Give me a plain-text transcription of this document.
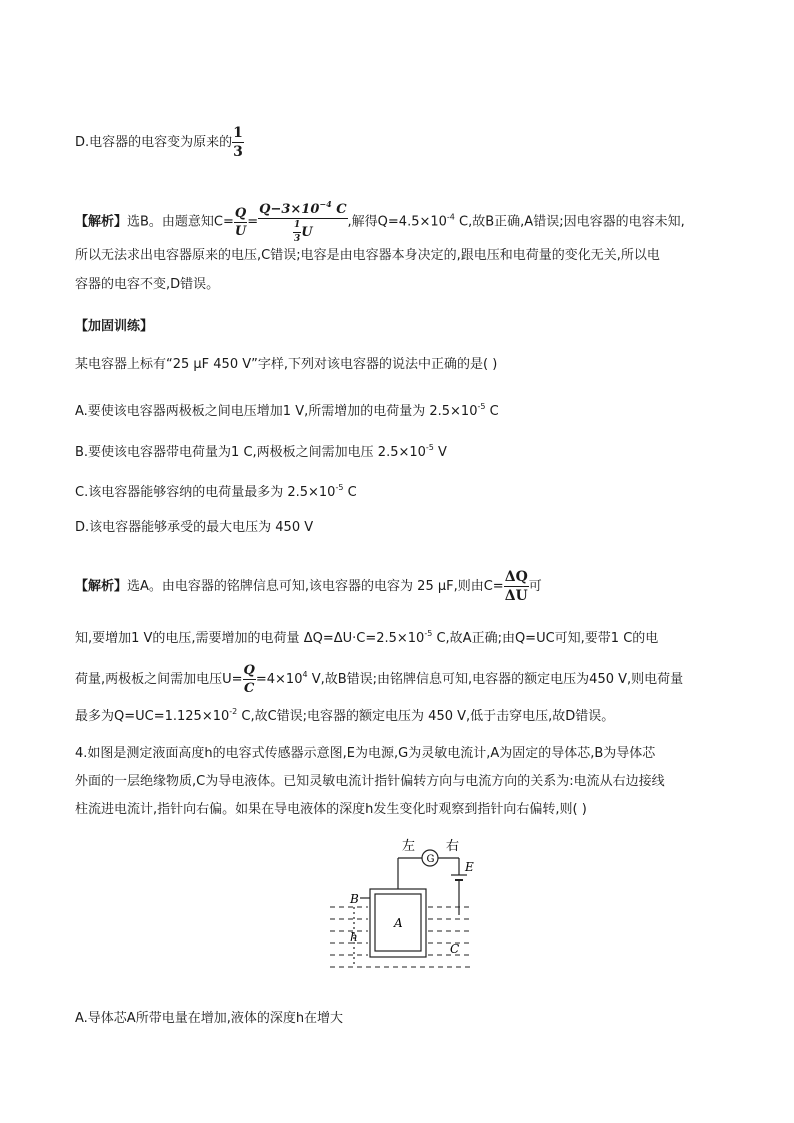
D.电容器的电容变为原来的 $\frac{1}{3}$
【解析】选B。由题意知$C= \frac{Q}{U} = \frac{Q-3\times 10^{-4} C}{\frac{1}{3} U}$ ,解得$Q=4.5\times 10^{-4}$ C,故B正确,A错误;因电容器的电容未知,
所以无法求出电容器原来的电压,C错误;电容是由电容器本身决定的,跟电压和电荷量的变化无关,所以电
容器的电容不变,D错误。
【加固训练】
某电容器上标有“25 μF 450 V”字样,下列对该电容器的说法中正确的是( )
A.要使该电容器两极板之间电压增加1 V,所需增加的电荷量为 $2.5\times 10^{-5}$ C
B.要使该电容器带电荷量为1 C,两极板之间需加电压 $2.5\times 10^{-5}$ V
C.该电容器能够容纳的电荷量最多为 $2.5\times 10^{-5}$ C
D.该电容器能够承受的最大电压为 450 V
【解析】选A。由电容器的铭牌信息可知,该电容器的电容为 25 μF,则由$C= \frac{\Delta Q}{\Delta U}$ 可
知,要增加1 V的电压,需要增加的电荷量 $\Delta Q=\Delta U\cdot C=2.5\times 10^{-5}$ C,故A正确;由Q=UC可知,要带1 C的电
荷量,两极板之间需加电压$U= \frac{Q}{C} =4\times 10^4$ V,故B错误;由铭牌信息可知,电容器的额定电压为450 V,则电荷量
最多为$Q=UC=1.125\times 10^{-2}$ C,故C错误;电容器的额定电压为 450 V,低于击穿电压,故D错误。
4.如图是测定液面高度h的电容式传感器示意图,E为电源,G为灵敏电流计,A为固定的导体芯,B为导体芯
外面的一层绝缘物质,C为导电液体。已知灵敏电流计指针偏转方向与电流方向的关系为:电流从右边接线
柱流进电流计,指针向右偏。如果在导电液体的深度h发生变化时观察到指针向右偏转,则( )
左 右
G
E
B
A
h
C
A.导体芯A所带电量在增加,液体的深度h在增大
